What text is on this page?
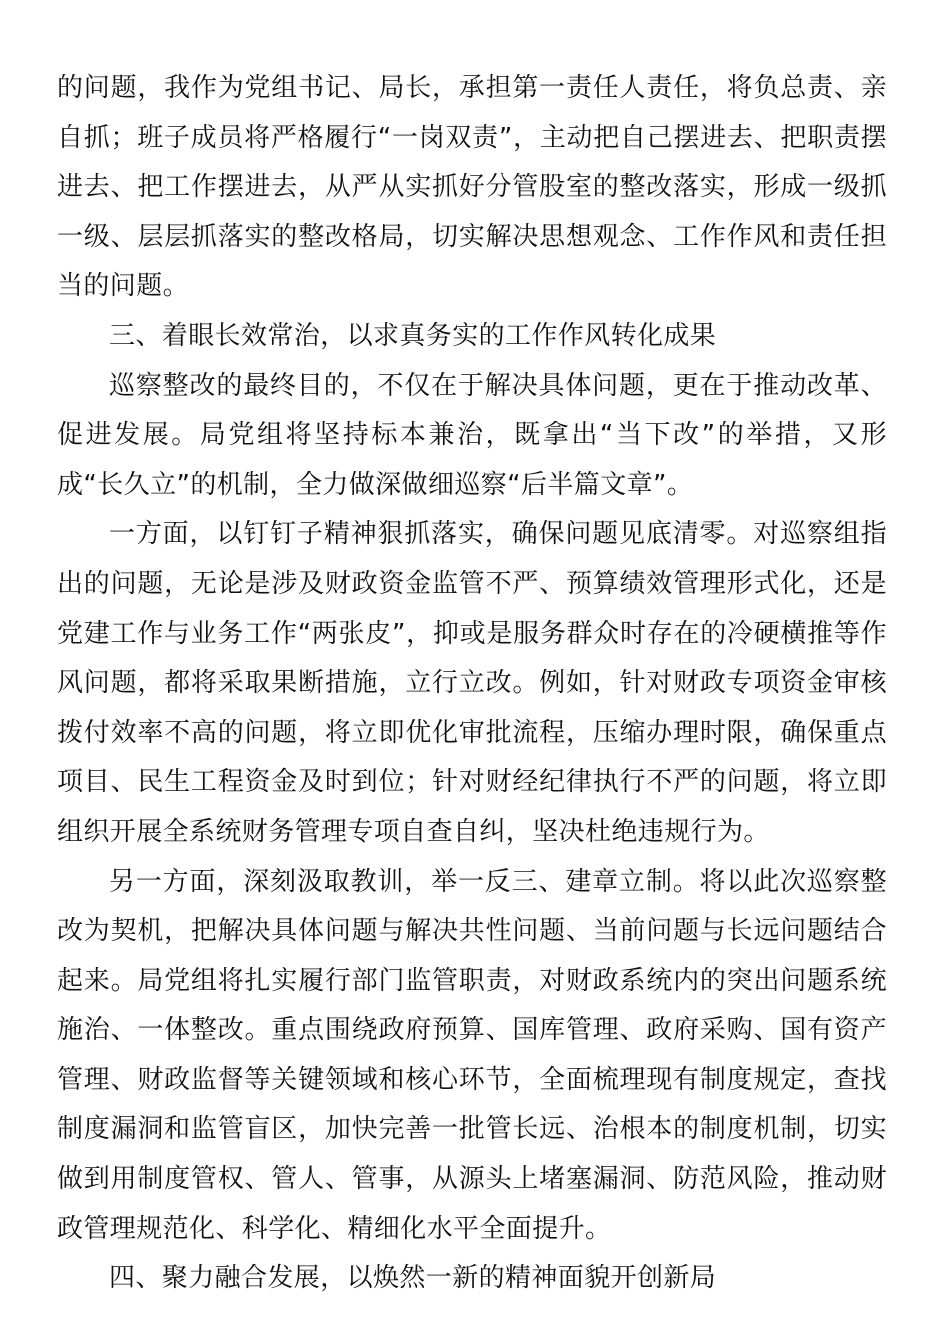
的问题，我作为党组书记、局长，承担第一责任人责任，将负总责、亲自抓；班子成员将严格履行“一岗双责”，主动把自己摆进去、把职责摆进去、把工作摆进去，从严从实抓好分管股室的整改落实，形成一级抓一级、层层抓落实的整改格局，切实解决思想观念、工作作风和责任担当的问题。

三、着眼长效常治，以求真务实的工作作风转化成果

巡察整改的最终目的，不仅在于解决具体问题，更在于推动改革、促进发展。局党组将坚持标本兼治，既拿出“当下改”的举措，又形成“长久立”的机制，全力做深做细巡察“后半篇文章”。

一方面，以钉钉子精神狠抓落实，确保问题见底清零。对巡察组指出的问题，无论是涉及财政资金监管不严、预算绩效管理形式化，还是党建工作与业务工作“两张皮”，抑或是服务群众时存在的冷硬横推等作风问题，都将采取果断措施，立行立改。例如，针对财政专项资金审核拨付效率不高的问题，将立即优化审批流程，压缩办理时限，确保重点项目、民生工程资金及时到位；针对财经纪律执行不严的问题，将立即组织开展全系统财务管理专项自查自纠，坚决杜绝违规行为。

另一方面，深刻汲取教训，举一反三、建章立制。将以此次巡察整改为契机，把解决具体问题与解决共性问题、当前问题与长远问题结合起来。局党组将扎实履行部门监管职责，对财政系统内的突出问题系统施治、一体整改。重点围绕政府预算、国库管理、政府采购、国有资产管理、财政监督等关键领域和核心环节，全面梳理现有制度规定，查找制度漏洞和监管盲区，加快完善一批管长远、治根本的制度机制，切实做到用制度管权、管人、管事，从源头上堵塞漏洞、防范风险，推动财政管理规范化、科学化、精细化水平全面提升。

四、聚力融合发展，以焕然一新的精神面貌开创新局
